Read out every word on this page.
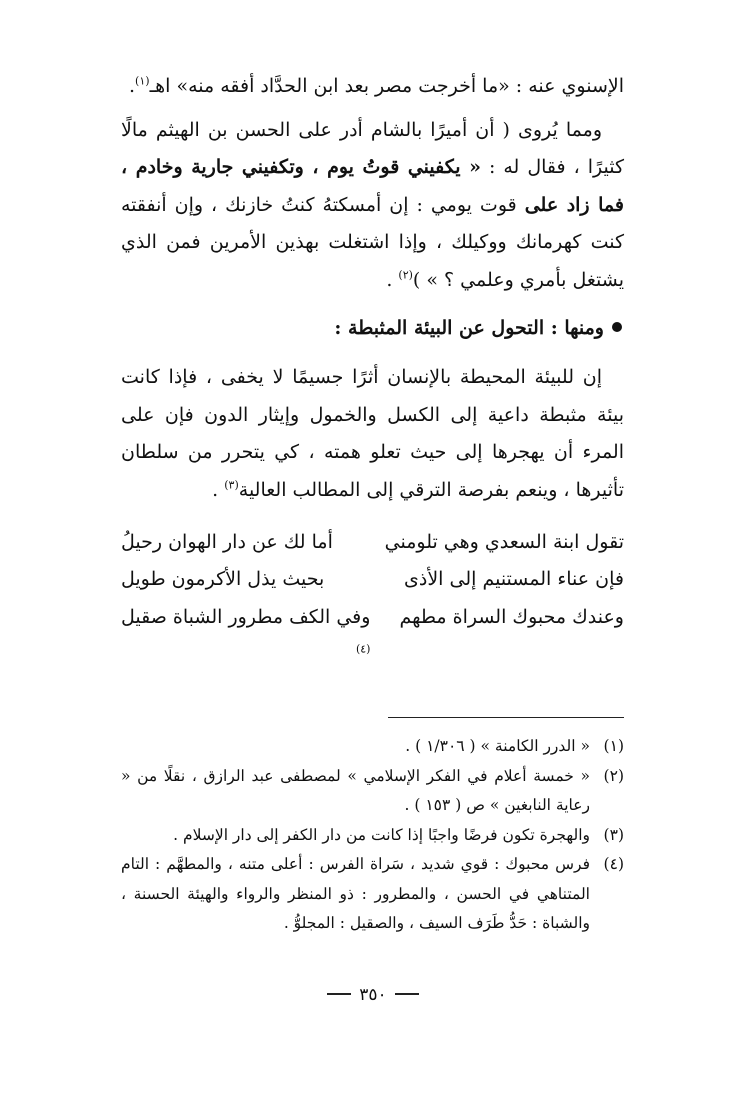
الإسنوي عنه : «ما أخرجت مصر بعد ابن الحدَّاد أفقه منه» اهـ$^{(١)}$.

ومما يُروى ( أن أميرًا بالشام أدر على الحسن بن الهيثم مالًا كثيرًا ، فقال له : « يكفيني قوتُ يوم ، وتكفيني جارية وخادم ، فما زاد على قوت يومي : إن أمسكتهُ كنتُ خازنك ، وإن أنفقته كنت كهرمانك ووكيلك ، وإذا اشتغلت بهذين الأمرين فمن الذي يشتغل بأمري وعلمي ؟ » )$^{(٢)}$ .

ومنها : التحول عن البيئة المثبطة :

إن للبيئة المحيطة بالإنسان أثرًا جسيمًا لا يخفى ، فإذا كانت بيئة مثبطة داعية إلى الكسل والخمول وإيثار الدون فإن على المرء أن يهجرها إلى حيث تعلو همته ، كي يتحرر من سلطان تأثيرها ، وينعم بفرصة الترقي إلى المطالب العالية$^{(٣)}$ .

تقول ابنة السعدي وهي تلومني
أما لك عن دار الهوان رحيلُ
فإن عناء المستنيم إلى الأذى
بحيث يذل الأكرمون طويل
وعندك محبوك السراة مطهم
وفي الكف مطرور الشباة صقيل
$^{(٤)}$
(١)
« الدرر الكامنة » ( ١/٣٠٦ ) .
(٢)
« خمسة أعلام في الفكر الإسلامي » لمصطفى عبد الرازق ، نقلًا من « رعاية النابغين » ص ( ١٥٣ ) .
(٣)
والهجرة تكون فرضًا واجبًا إذا كانت من دار الكفر إلى دار الإسلام .
(٤)
فرس محبوك : قوي شديد ، سَراة الفرس : أعلى متنه ، والمطهَّم : التام المتناهي في الحسن ، والمطرور : ذو المنظر والرواء والهيئة الحسنة ، والشباة : حَدُّ طَرَف السيف ، والصقيل : المجلوُّ .
٣٥٠
